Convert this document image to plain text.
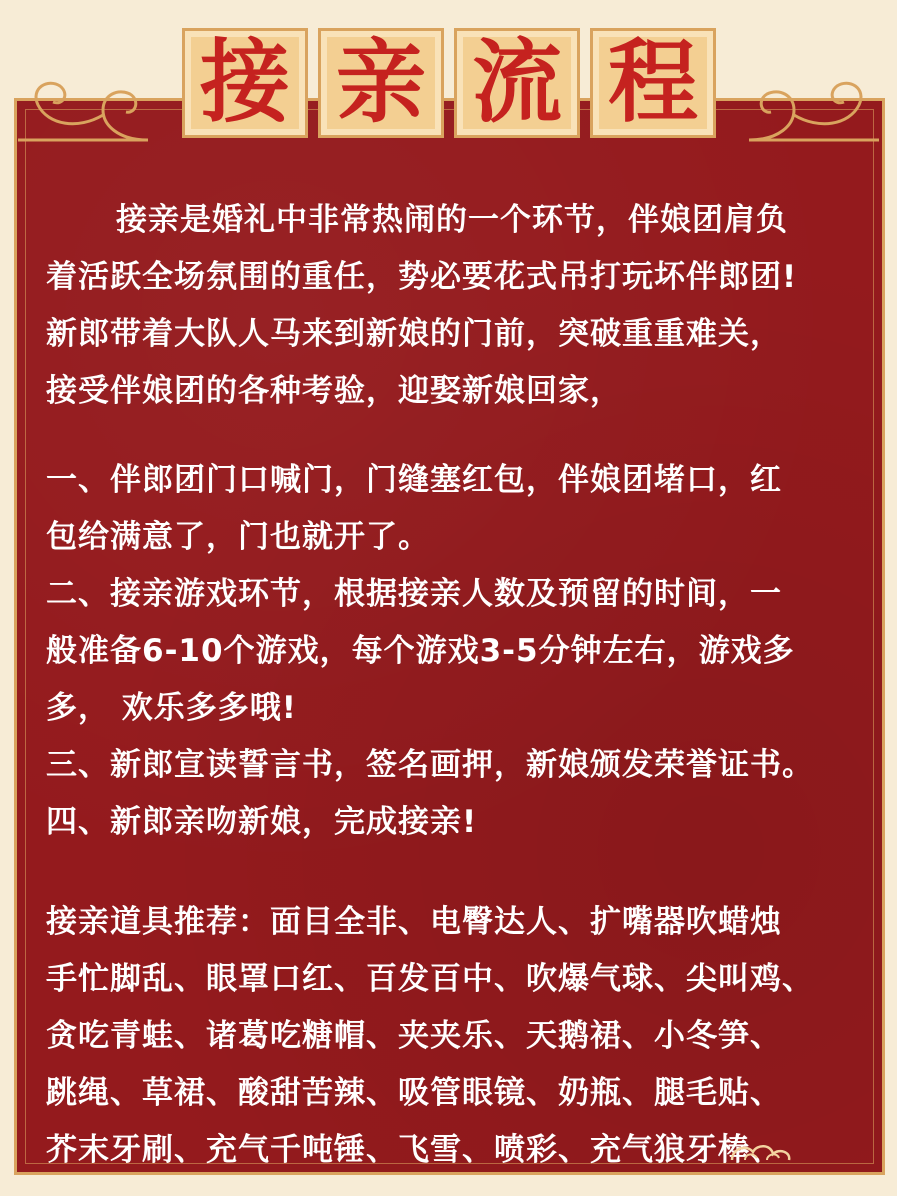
接 亲 流 程

接亲是婚礼中非常热闹的一个环节，伴娘团肩负

着活跃全场氛围的重任，势必要花式吊打玩坏伴郎团!

新郎带着大队人马来到新娘的门前，突破重重难关，

接受伴娘团的各种考验，迎娶新娘回家，

一、伴郎团门口喊门，门缝塞红包，伴娘团堵口，红

包给满意了，门也就开了。

二、接亲游戏环节，根据接亲人数及预留的时间，一

般准备6-10个游戏，每个游戏3-5分钟左右，游戏多

多， 欢乐多多哦!

三、新郎宣读誓言书，签名画押，新娘颁发荣誉证书。

四、新郎亲吻新娘，完成接亲!

接亲道具推荐：面目全非、电臀达人、扩嘴器吹蜡烛

手忙脚乱、眼罩口红、百发百中、吹爆气球、尖叫鸡、

贪吃青蛙、诸葛吃糖帽、夹夹乐、天鹅裙、小冬笋、

跳绳、草裙、酸甜苦辣、吸管眼镜、奶瓶、腿毛贴、

芥末牙刷、充气千吨锤、飞雪、喷彩、充气狼牙棒、
